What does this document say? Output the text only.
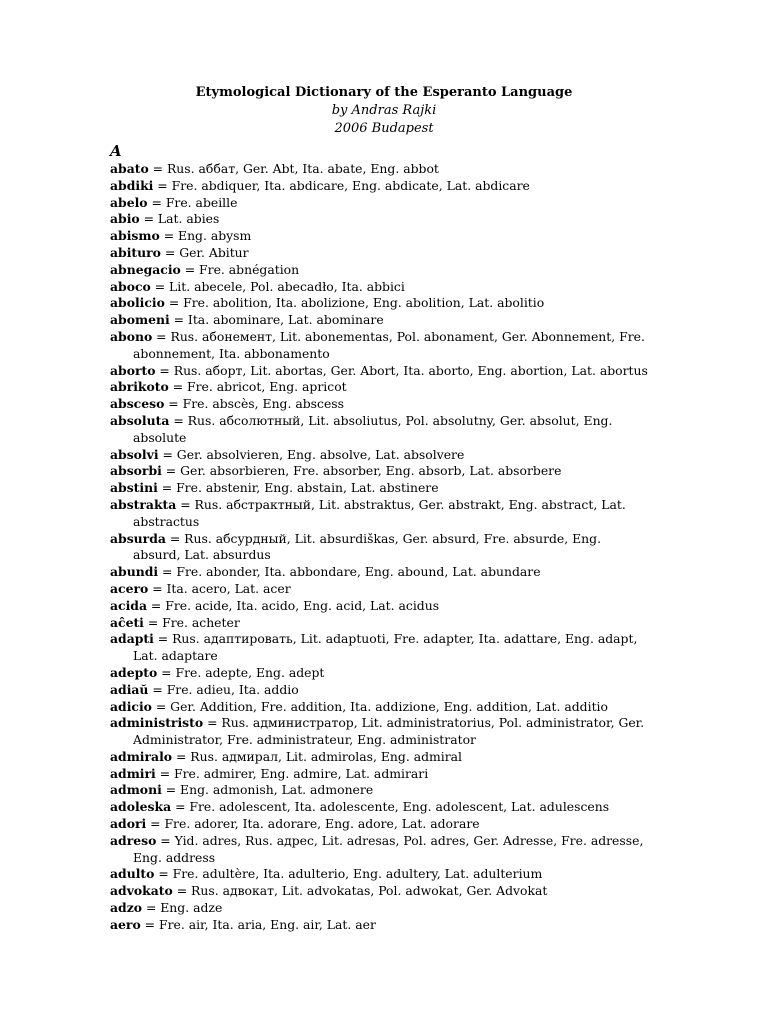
Etymological Dictionary of the Esperanto Language
by Andras Rajki
2006 Budapest
A

abato = Rus. аббат, Ger. Abt, Ita. abate, Eng. abbot

abdiki = Fre. abdiquer, Ita. abdicare, Eng. abdicate, Lat. abdicare

abelo = Fre. abeille

abio = Lat. abies

abismo = Eng. abysm

abituro = Ger. Abitur

abnegacio = Fre. abnégation

aboco = Lit. abecele, Pol. abecadło, Ita. abbici

abolicio = Fre. abolition, Ita. abolizione, Eng. abolition, Lat. abolitio

abomeni = Ita. abominare, Lat. abominare

abono = Rus. абонемент, Lit. abonementas, Pol. abonament, Ger. Abonnement, Fre. abonnement, Ita. abbonamento

aborto = Rus. аборт, Lit. abortas, Ger. Abort, Ita. aborto, Eng. abortion, Lat. abortus

abrikoto = Fre. abricot, Eng. apricot

absceso = Fre. abscès, Eng. abscess

absoluta = Rus. абсолютный, Lit. absoliutus, Pol. absolutny, Ger. absolut, Eng. absolute

absolvi = Ger. absolvieren, Eng. absolve, Lat. absolvere

absorbi = Ger. absorbieren, Fre. absorber, Eng. absorb, Lat. absorbere

abstini = Fre. abstenir, Eng. abstain, Lat. abstinere

abstrakta = Rus. абстрактный, Lit. abstraktus, Ger. abstrakt, Eng. abstract, Lat. abstractus

absurda = Rus. абсурдный, Lit. absurdiškas, Ger. absurd, Fre. absurde, Eng. absurd, Lat. absurdus

abundi = Fre. abonder, Ita. abbondare, Eng. abound, Lat. abundare

acero = Ita. acero, Lat. acer

acida = Fre. acide, Ita. acido, Eng. acid, Lat. acidus

aĉeti = Fre. acheter

adapti = Rus. адаптировать, Lit. adaptuoti, Fre. adapter, Ita. adattare, Eng. adapt, Lat. adaptare

adepto = Fre. adepte, Eng. adept

adiaŭ = Fre. adieu, Ita. addio

adicio = Ger. Addition, Fre. addition, Ita. addizione, Eng. addition, Lat. additio

administristo = Rus. администратор, Lit. administratorius, Pol. administrator, Ger. Administrator, Fre. administrateur, Eng. administrator

admiralo = Rus. адмирал, Lit. admirolas, Eng. admiral

admiri = Fre. admirer, Eng. admire, Lat. admirari

admoni = Eng. admonish, Lat. admonere

adoleska = Fre. adolescent, Ita. adolescente, Eng. adolescent, Lat. adulescens

adori = Fre. adorer, Ita. adorare, Eng. adore, Lat. adorare

adreso = Yid. adres, Rus. адрес, Lit. adresas, Pol. adres, Ger. Adresse, Fre. adresse, Eng. address

adulto = Fre. adultère, Ita. adulterio, Eng. adultery, Lat. adulterium

advokato = Rus. адвокат, Lit. advokatas, Pol. adwokat, Ger. Advokat

adzo = Eng. adze

aero = Fre. air, Ita. aria, Eng. air, Lat. aer
